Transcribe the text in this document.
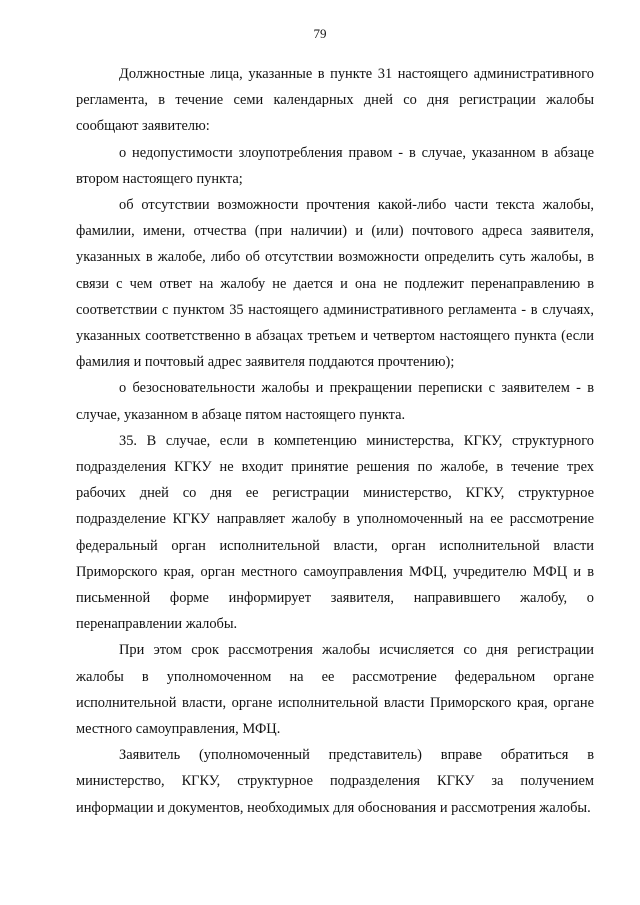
79

Должностные лица, указанные в пункте 31 настоящего административного регламента, в течение семи календарных дней со дня регистрации жалобы сообщают заявителю:

о недопустимости злоупотребления правом - в случае, указанном в абзаце втором настоящего пункта;

об отсутствии возможности прочтения какой-либо части текста жалобы, фамилии, имени, отчества (при наличии) и (или) почтового адреса заявителя, указанных в жалобе, либо об отсутствии возможности определить суть жалобы, в связи с чем ответ на жалобу не дается и она не подлежит перенаправлению в соответствии с пунктом 35 настоящего административного регламента - в случаях, указанных соответственно в абзацах третьем и четвертом настоящего пункта (если фамилия и почтовый адрес заявителя поддаются прочтению);

о безосновательности жалобы и прекращении переписки с заявителем - в случае, указанном в абзаце пятом настоящего пункта.

35. В случае, если в компетенцию министерства, КГКУ, структурного подразделения КГКУ не входит принятие решения по жалобе, в течение трех рабочих дней со дня ее регистрации министерство, КГКУ, структурное подразделение КГКУ направляет жалобу в уполномоченный на ее рассмотрение федеральный орган исполнительной власти, орган исполнительной власти Приморского края, орган местного самоуправления МФЦ, учредителю МФЦ и в письменной форме информирует заявителя, направившего жалобу, о перенаправлении жалобы.

При этом срок рассмотрения жалобы исчисляется со дня регистрации жалобы в уполномоченном на ее рассмотрение федеральном органе исполнительной власти, органе исполнительной власти Приморского края, органе местного самоуправления, МФЦ.

Заявитель (уполномоченный представитель) вправе обратиться в министерство, КГКУ, структурное подразделения КГКУ за получением информации и документов, необходимых для обоснования и рассмотрения жалобы.
